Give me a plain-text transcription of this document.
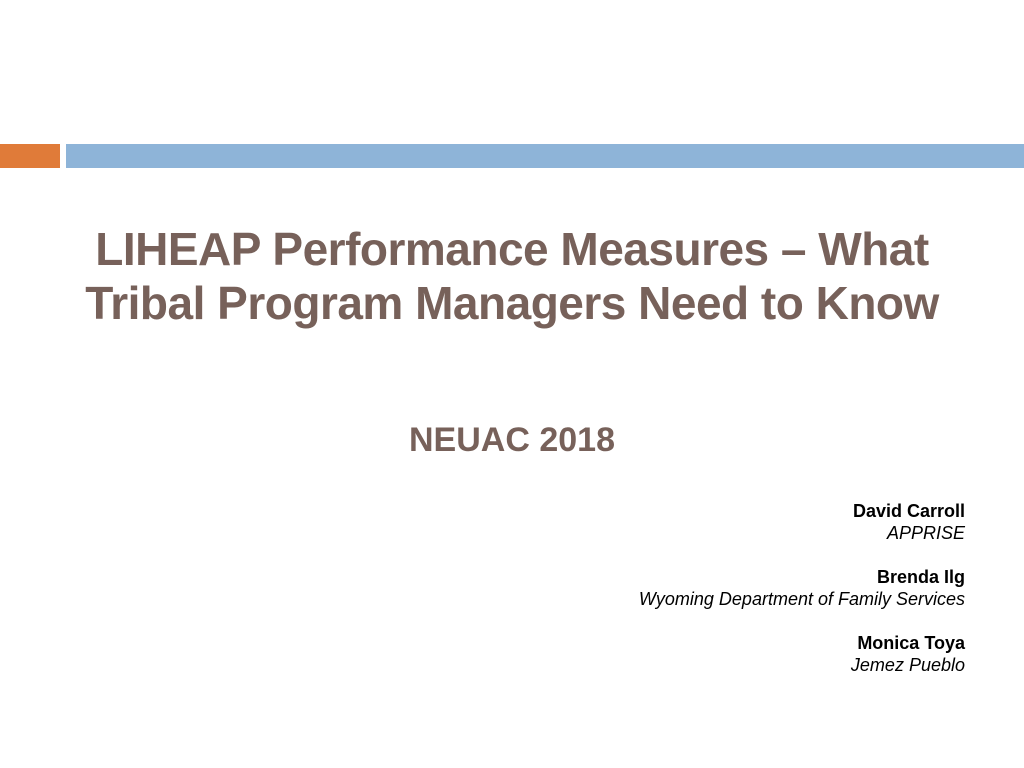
LIHEAP Performance Measures – What
Tribal Program Managers Need to Know
NEUAC 2018
David Carroll
APPRISE
Brenda Ilg
Wyoming Department of Family Services
Monica Toya
Jemez Pueblo
